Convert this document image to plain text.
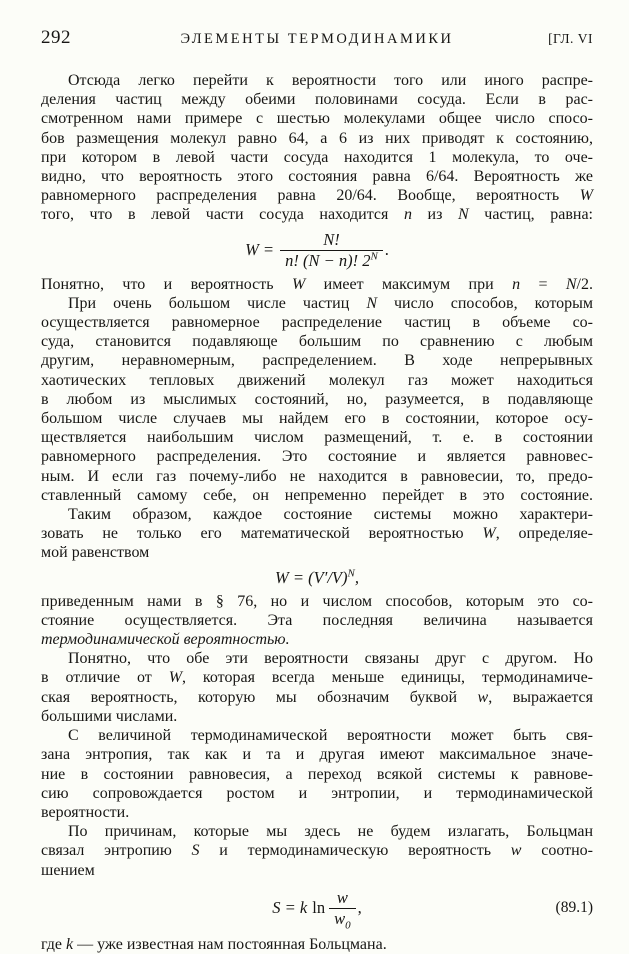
292	ЭЛЕМЕНТЫ ТЕРМОДИНАМИКИ	[ГЛ. VI
Отсюда легко перейти к вероятности того или иного распре-
деления частиц между обеими половинами сосуда. Если в рас-
смотренном нами примере с шестью молекулами общее число спосо-
бов размещения молекул равно 64, а 6 из них приводят к состоянию,
при котором в левой части сосуда находится 1 молекула, то оче-
видно, что вероятность этого состояния равна 6/64. Вероятность же
равномерного распределения равна 20/64. Вообще, вероятность W
того, что в левой части сосуда находится n из N частиц, равна:
$W = \frac{N!}{n! (N - n)! 2^N}$ .
Понятно, что и вероятность W имеет максимум при n = N/2.
При очень большом числе частиц N число способов, которым
осуществляется равномерное распределение частиц в объеме со-
суда, становится подавляюще большим по сравнению с любым
другим, неравномерным, распределением. В ходе непрерывных
хаотических тепловых движений молекул газ может находиться
в любом из мыслимых состояний, но, разумеется, в подавляюще
большом числе случаев мы найдем его в состоянии, которое осу-
ществляется наибольшим числом размещений, т. е. в состоянии
равномерного распределения. Это состояние и является равновес-
ным. И если газ почему-либо не находится в равновесии, то, предо-
ставленный самому себе, он непременно перейдет в это состояние.
Таким образом, каждое состояние системы можно характери-
зовать не только его математической вероятностью W, определяе-
мой равенством
$W = (V'/V)^N$ ,
приведенным нами в § 76, но и числом способов, которым это со-
стояние осуществляется. Эта последняя величина называется
термодинамической вероятностью.
Понятно, что обе эти вероятности связаны друг с другом. Но
в отличие от W, которая всегда меньше единицы, термодинамиче-
ская вероятность, которую мы обозначим буквой w, выражается
большими числами.
С величиной термодинамической вероятности может быть свя-
зана энтропия, так как и та и другая имеют максимальное значе-
ние в состоянии равновесия, а переход всякой системы к равнове-
сию сопровождается ростом и энтропии, и термодинамической
вероятности.
По причинам, которые мы здесь не будем излагать, Больцман
связал энтропию S и термодинамическую вероятность w соотно-
шением
S = k $\ln \frac{w}{w_0}$ ,	(89.1)
где k — уже известная нам постоянная Больцмана.
